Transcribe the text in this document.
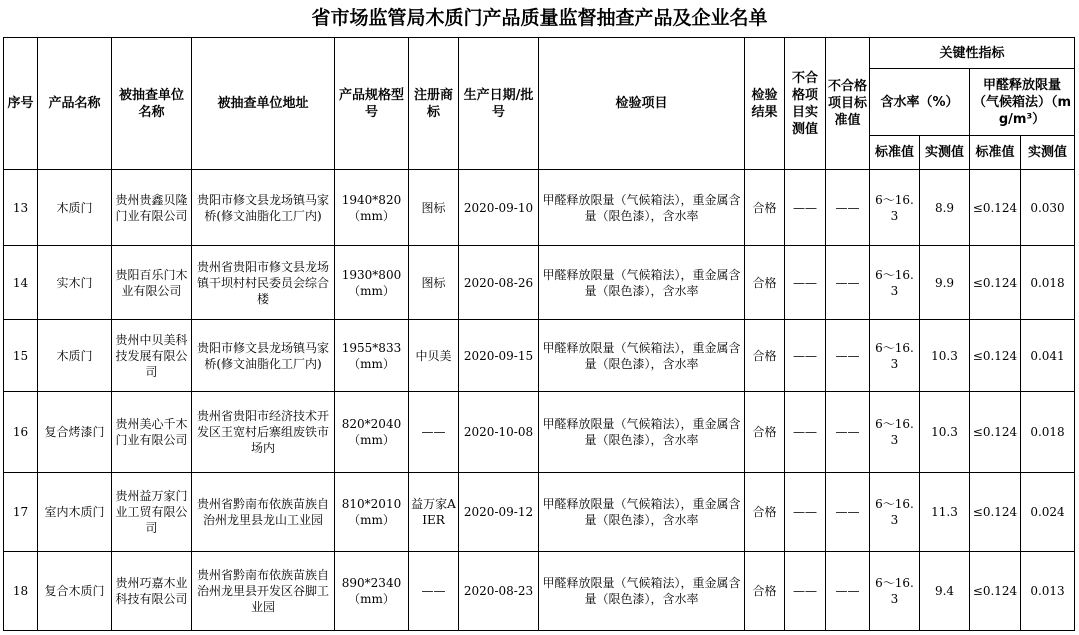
省市场监管局木质门产品质量监督抽查产品及企业名单
序号	产品名称	被抽查单位名称	被抽查单位地址	产品规格型号	注册商标	生产日期/批号	检验项目	检验结果	不合格项目实测值	不合格项目标准值	关键性指标			
											含水率（%）		甲醛释放限量（气候箱法）（mg/m³）	
											标准值	实测值	标准值	实测值
13	木质门	贵州贵鑫贝隆门业有限公司	贵阳市修文县龙场镇马家桥(修文油脂化工厂内)	1940*820（mm）	图标	2020-09-10	甲醛释放限量（气候箱法），重金属含量（限色漆），含水率	合格	——	——	6～16.3	8.9	≤0.124	0.030
14	实木门	贵阳百乐门木业有限公司	贵州省贵阳市修文县龙场镇干坝村村民委员会综合楼	1930*800（mm）	图标	2020-08-26	甲醛释放限量（气候箱法），重金属含量（限色漆），含水率	合格	——	——	6～16.3	9.9	≤0.124	0.018
15	木质门	贵州中贝美科技发展有限公司	贵阳市修文县龙场镇马家桥(修文油脂化工厂内)	1955*833（mm）	中贝美	2020-09-15	甲醛释放限量（气候箱法），重金属含量（限色漆），含水率	合格	——	——	6～16.3	10.3	≤0.124	0.041
16	复合烤漆门	贵州美心千木门业有限公司	贵州省贵阳市经济技术开发区王宽村后寨组废铁市场内	820*2040（mm）	——	2020-10-08	甲醛释放限量（气候箱法），重金属含量（限色漆），含水率	合格	——	——	6～16.3	10.3	≤0.124	0.018
17	室内木质门	贵州益万家门业工贸有限公司	贵州省黔南布依族苗族自治州龙里县龙山工业园	810*2010（mm）	益万家AIER	2020-09-12	甲醛释放限量（气候箱法），重金属含量（限色漆），含水率	合格	——	——	6～16.3	11.3	≤0.124	0.024
18	复合木质门	贵州巧嘉木业科技有限公司	贵州省黔南布依族苗族自治州龙里县开发区谷脚工业园	890*2340（mm）	——	2020-08-23	甲醛释放限量（气候箱法），重金属含量（限色漆），含水率	合格	——	——	6～16.3	9.4	≤0.124	0.013
